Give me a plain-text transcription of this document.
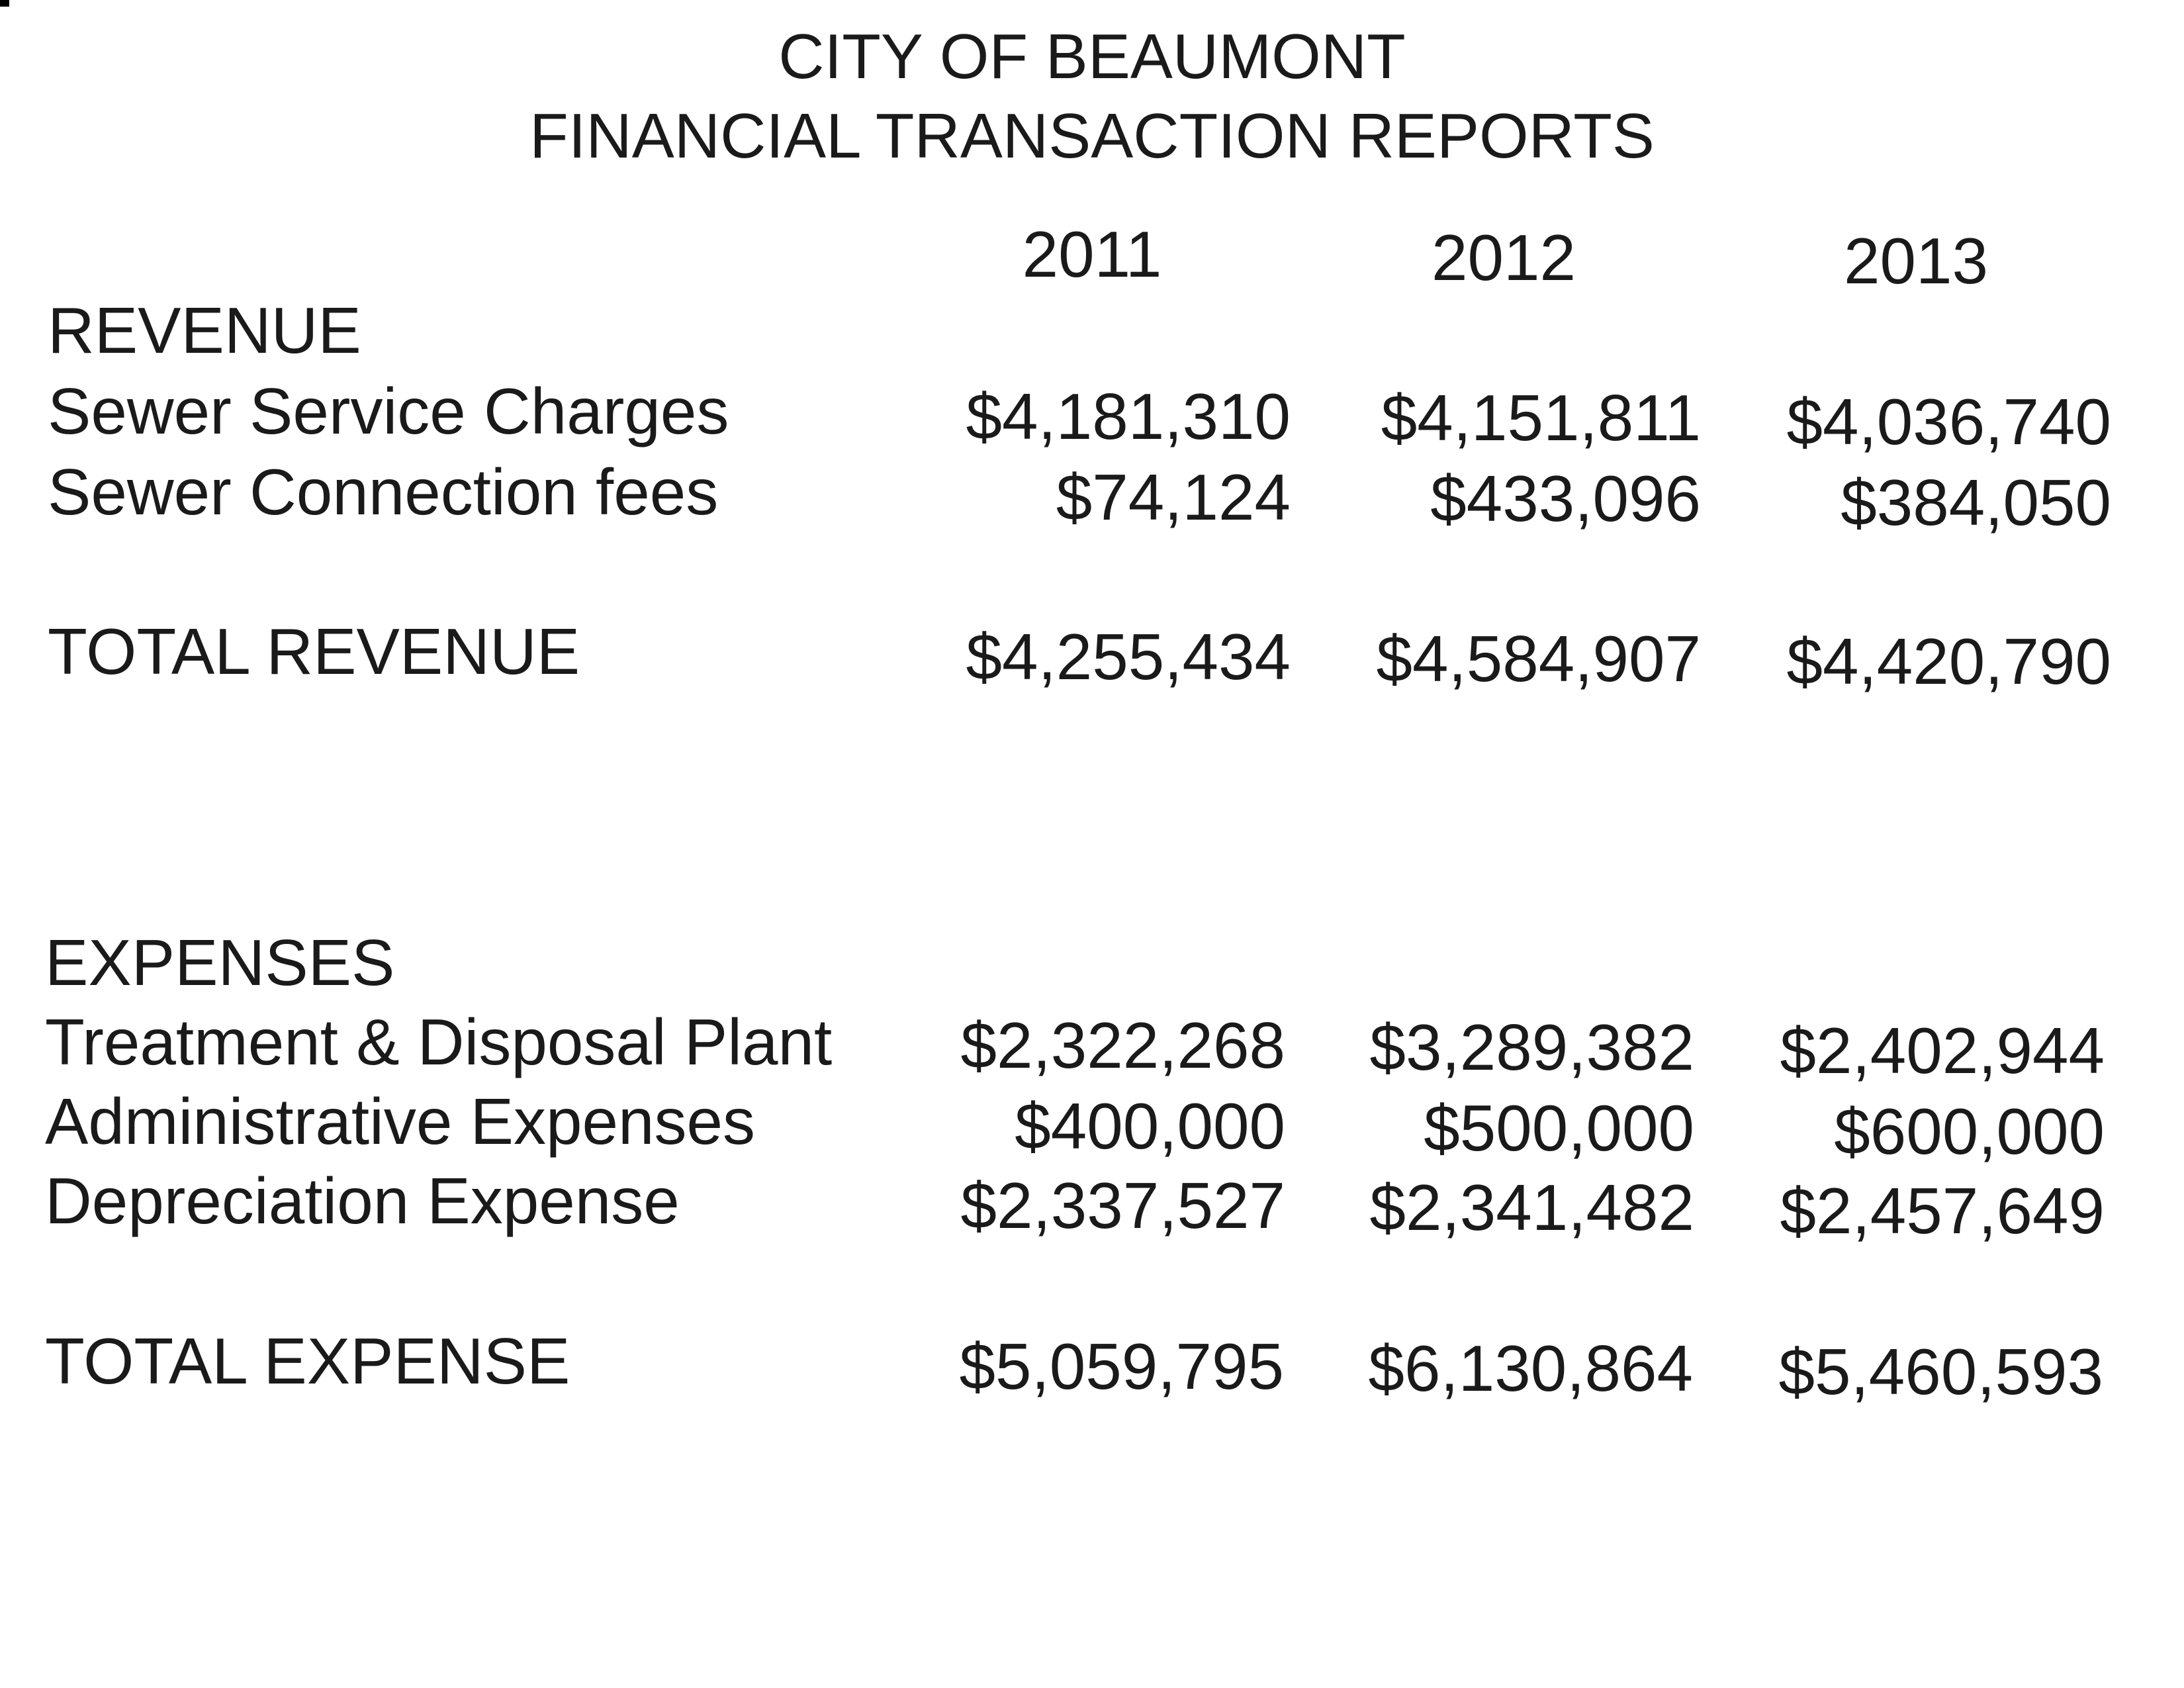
CITY OF BEAUMONT
FINANCIAL TRANSACTION REPORTS
2011	2012	2013
REVENUE
Sewer Service Charges	$4,181,310	$4,151,811	$4,036,740
Sewer Connection fees	$74,124	$433,096	$384,050
TOTAL REVENUE	$4,255,434	$4,584,907	$4,420,790
EXPENSES
Treatment & Disposal Plant	$2,322,268	$3,289,382	$2,402,944
Administrative Expenses	$400,000	$500,000	$600,000
Depreciation Expense	$2,337,527	$2,341,482	$2,457,649
TOTAL EXPENSE	$5,059,795	$6,130,864	$5,460,593
